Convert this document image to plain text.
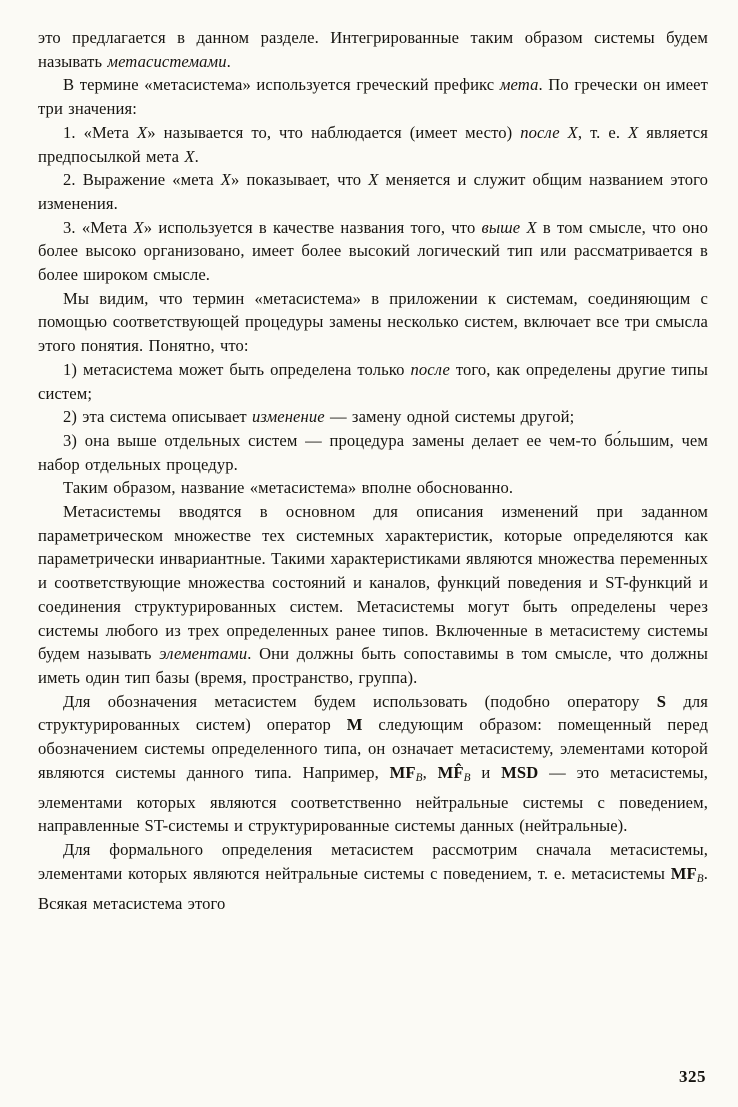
это предлагается в данном разделе. Интегрированные таким образом системы будем называть метасистемами.

В термине «метасистема» используется греческий префикс мета. По гречески он имеет три значения:

1. «Мета X» называется то, что наблюдается (имеет место) после X, т. е. X является предпосылкой мета X.

2. Выражение «мета X» показывает, что X меняется и служит общим названием этого изменения.

3. «Мета X» используется в качестве названия того, что выше X в том смысле, что оно более высоко организовано, имеет более высокий логический тип или рассматривается в более широком смысле.

Мы видим, что термин «метасистема» в приложении к системам, соединяющим с помощью соответствующей процедуры замены несколько систем, включает все три смысла этого понятия. Понятно, что:

1) метасистема может быть определена только после того, как определены другие типы систем;

2) эта система описывает изменение — замену одной системы другой;

3) она выше отдельных систем — процедура замены делает ее чем-то бо́льшим, чем набор отдельных процедур.

Таким образом, название «метасистема» вполне обоснованно.

Метасистемы вводятся в основном для описания изменений при заданном параметрическом множестве тех системных характеристик, которые определяются как параметрически инвариантные. Такими характеристиками являются множества переменных и соответствующие множества состояний и каналов, функций поведения и ST-функций и соединения структурированных систем. Метасистемы могут быть определены через системы любого из трех определенных ранее типов. Включенные в метасистему системы будем называть элементами. Они должны быть сопоставимы в том смысле, что должны иметь один тип базы (время, пространство, группа).

Для обозначения метасистем будем использовать (подобно оператору S для структурированных систем) оператор M следующим образом: помещенный перед обозначением системы определенного типа, он означает метасистему, элементами которой являются системы данного типа. Например, MFB, MF̂B и MSD — это метасистемы, элементами которых являются соответственно нейтральные системы с поведением, направленные ST-системы и структурированные системы данных (нейтральные).

Для формального определения метасистем рассмотрим сначала метасистемы, элементами которых являются нейтральные системы с поведением, т. е. метасистемы MFB. Всякая метасистема этого

325
